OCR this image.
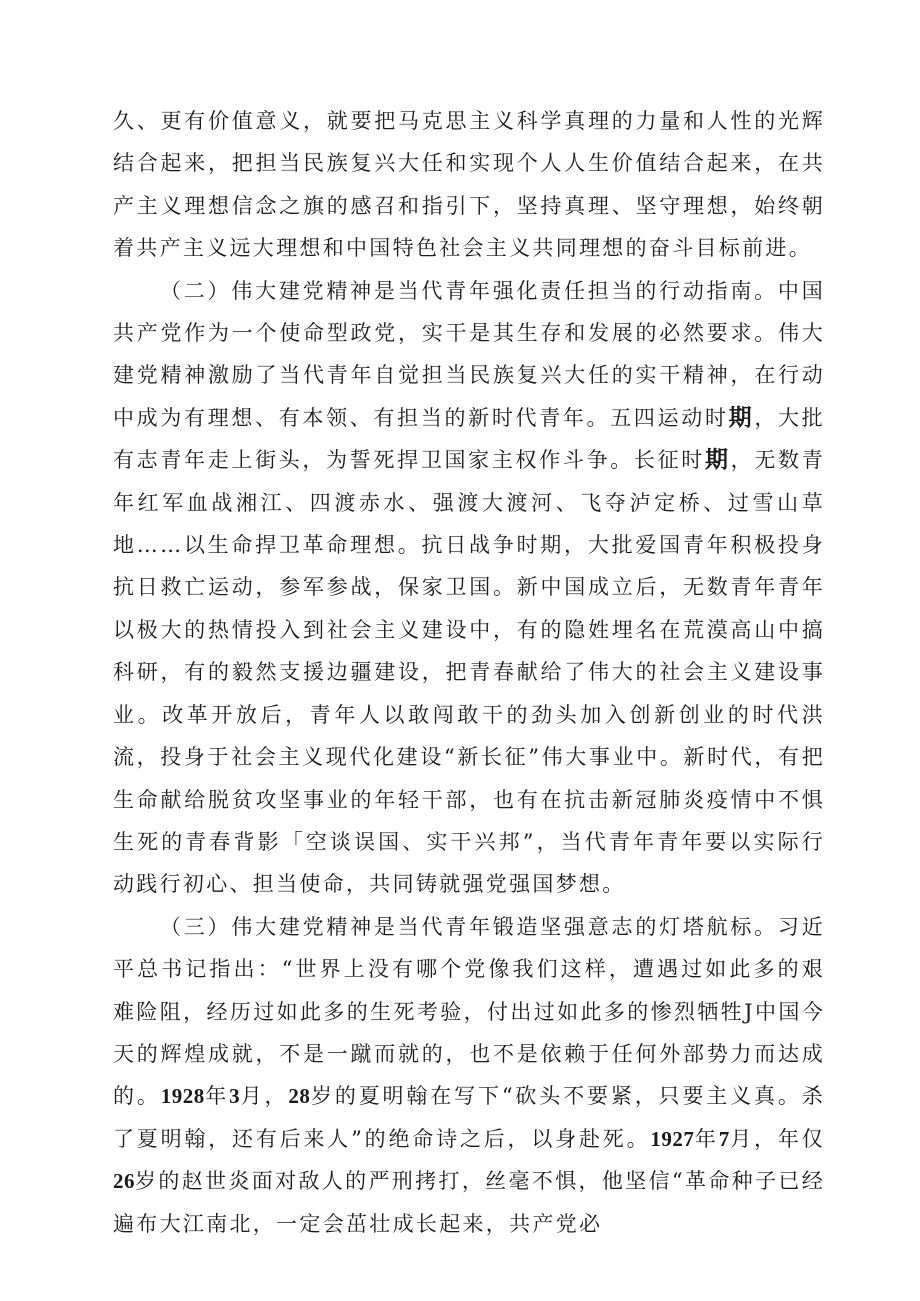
久、更有价值意义，就要把马克思主义科学真理的力量和人性的光辉结合起来，把担当民族复兴大任和实现个人人生价值结合起来，在共产主义理想信念之旗的感召和指引下，坚持真理、坚守理想，始终朝着共产主义远大理想和中国特色社会主义共同理想的奋斗目标前进。

（二）伟大建党精神是当代青年强化责任担当的行动指南。中国共产党作为一个使命型政党，实干是其生存和发展的必然要求。伟大建党精神激励了当代青年自觉担当民族复兴大任的实干精神，在行动中成为有理想、有本领、有担当的新时代青年。五四运动时期，大批有志青年走上街头，为誓死捍卫国家主权作斗争。长征时期，无数青年红军血战湘江、四渡赤水、强渡大渡河、飞夺泸定桥、过雪山草地……以生命捍卫革命理想。抗日战争时期，大批爱国青年积极投身抗日救亡运动，参军参战，保家卫国。新中国成立后，无数青年青年以极大的热情投入到社会主义建设中，有的隐姓埋名在荒漠高山中搞科研，有的毅然支援边疆建设，把青春献给了伟大的社会主义建设事业。改革开放后，青年人以敢闯敢干的劲头加入创新创业的时代洪流，投身于社会主义现代化建设“新长征”伟大事业中。新时代，有把生命献给脱贫攻坚事业的年轻干部，也有在抗击新冠肺炎疫情中不惧生死的青春背影「空谈误国、实干兴邦”，当代青年青年要以实际行动践行初心、担当使命，共同铸就强党强国梦想。

（三）伟大建党精神是当代青年锻造坚强意志的灯塔航标。习近平总书记指出：“世界上没有哪个党像我们这样，遭遇过如此多的艰难险阻，经历过如此多的生死考验，付出过如此多的惨烈牺牲J中国今天的辉煌成就，不是一蹴而就的，也不是依赖于任何外部势力而达成的。1928年3月，28岁的夏明翰在写下“砍头不要紧，只要主义真。杀了夏明翰，还有后来人”的绝命诗之后，以身赴死。1927年7月，年仅26岁的赵世炎面对敌人的严刑拷打，丝毫不惧，他坚信“革命种子已经遍布大江南北，一定会茁壮成长起来，共产党必
